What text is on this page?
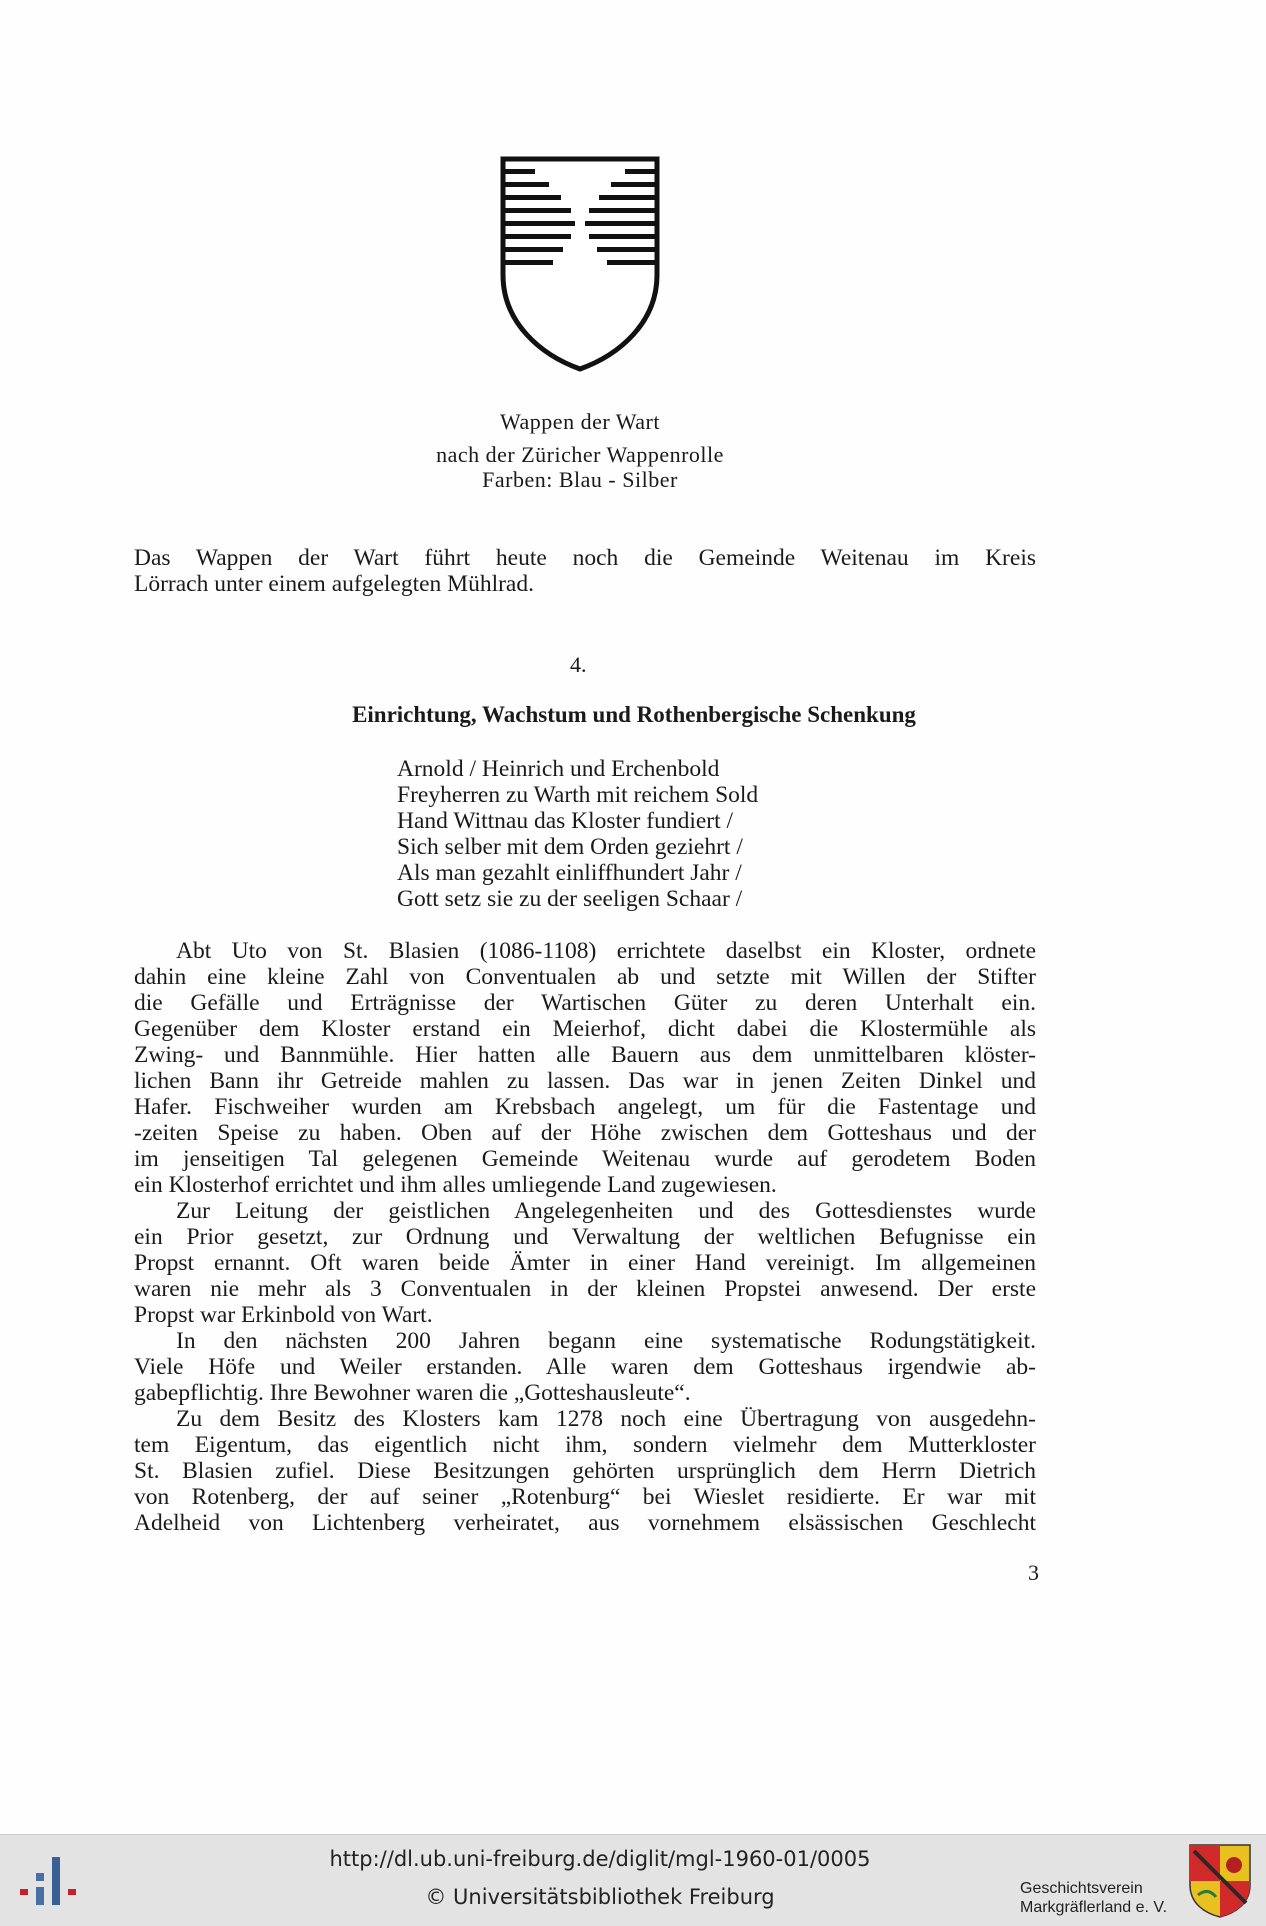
Wappen der Wart
nach der Züricher Wappenrolle
Farben: Blau - Silber
Das Wappen der Wart führt heute noch die Gemeinde Weitenau im Kreis
Lörrach unter einem aufgelegten Mühlrad.
4.
Einrichtung, Wachstum und Rothenbergische Schenkung
Arnold / Heinrich und Erchenbold
Freyherren zu Warth mit reichem Sold
Hand Wittnau das Kloster fundiert /
Sich selber mit dem Orden geziehrt /
Als man gezahlt einliffhundert Jahr /
Gott setz sie zu der seeligen Schaar /
Abt Uto von St. Blasien (1086-1108) errichtete daselbst ein Kloster, ordnete
dahin eine kleine Zahl von Conventualen ab und setzte mit Willen der Stifter
die Gefälle und Erträgnisse der Wartischen Güter zu deren Unterhalt ein.
Gegenüber dem Kloster erstand ein Meierhof, dicht dabei die Klostermühle als
Zwing- und Bannmühle. Hier hatten alle Bauern aus dem unmittelbaren klöster-
lichen Bann ihr Getreide mahlen zu lassen. Das war in jenen Zeiten Dinkel und
Hafer. Fischweiher wurden am Krebsbach angelegt, um für die Fastentage und
-zeiten Speise zu haben. Oben auf der Höhe zwischen dem Gotteshaus und der
im jenseitigen Tal gelegenen Gemeinde Weitenau wurde auf gerodetem Boden
ein Klosterhof errichtet und ihm alles umliegende Land zugewiesen.
Zur Leitung der geistlichen Angelegenheiten und des Gottesdienstes wurde
ein Prior gesetzt, zur Ordnung und Verwaltung der weltlichen Befugnisse ein
Propst ernannt. Oft waren beide Ämter in einer Hand vereinigt. Im allgemeinen
waren nie mehr als 3 Conventualen in der kleinen Propstei anwesend. Der erste
Propst war Erkinbold von Wart.
In den nächsten 200 Jahren begann eine systematische Rodungstätigkeit.
Viele Höfe und Weiler erstanden. Alle waren dem Gotteshaus irgendwie ab-
gabepflichtig. Ihre Bewohner waren die „Gotteshausleute“.
Zu dem Besitz des Klosters kam 1278 noch eine Übertragung von ausgedehn-
tem Eigentum, das eigentlich nicht ihm, sondern vielmehr dem Mutterkloster
St. Blasien zufiel. Diese Besitzungen gehörten ursprünglich dem Herrn Dietrich
von Rotenberg, der auf seiner „Rotenburg“ bei Wieslet residierte. Er war mit
Adelheid von Lichtenberg verheiratet, aus vornehmem elsässischen Geschlecht
3
http://dl.ub.uni-freiburg.de/diglit/mgl-1960-01/0005
© Universitätsbibliothek Freiburg	Geschichtsverein
Markgräflerland e. V.
